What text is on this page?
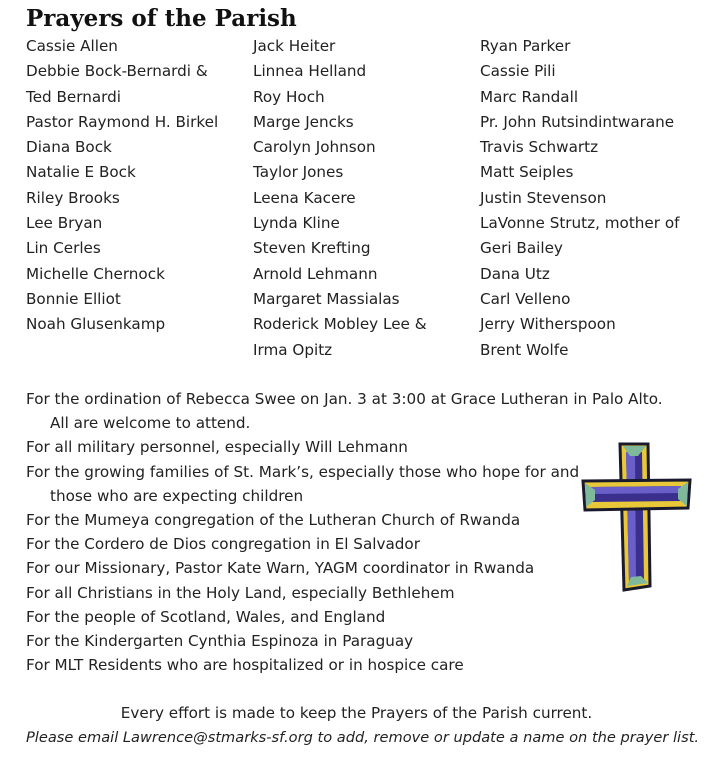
Prayers of the Parish
Cassie Allen
Debbie Bock-Bernardi &
Ted Bernardi
Pastor Raymond H. Birkel
Diana Bock
Natalie E Bock
Riley Brooks
Lee Bryan
Lin Cerles
Michelle Chernock
Bonnie Elliot
Noah Glusenkamp
Jack Heiter
Linnea Helland
Roy Hoch
Marge Jencks
Carolyn Johnson
Taylor Jones
Leena Kacere
Lynda Kline
Steven Krefting
Arnold Lehmann
Margaret Massialas
Roderick Mobley Lee &
Irma Opitz
Ryan Parker
Cassie Pili
Marc Randall
Pr. John Rutsindintwarane
Travis Schwartz
Matt Seiples
Justin Stevenson
LaVonne Strutz, mother of
Geri Bailey
Dana Utz
Carl Velleno
Jerry Witherspoon
Brent Wolfe
For the ordination of Rebecca Swee on Jan. 3 at 3:00 at Grace Lutheran in Palo Alto.
All are welcome to attend.
For all military personnel, especially Will Lehmann
For the growing families of St. Mark’s, especially those who hope for and
those who are expecting children
For the Mumeya congregation of the Lutheran Church of Rwanda
For the Cordero de Dios congregation in El Salvador
For our Missionary, Pastor Kate Warn, YAGM coordinator in Rwanda
For all Christians in the Holy Land, especially Bethlehem
For the people of Scotland, Wales, and England
For the Kindergarten Cynthia Espinoza in Paraguay
For MLT Residents who are hospitalized or in hospice care
Every effort is made to keep the Prayers of the Parish current.
Please email Lawrence@stmarks-sf.org to add, remove or update a name on the prayer list.
